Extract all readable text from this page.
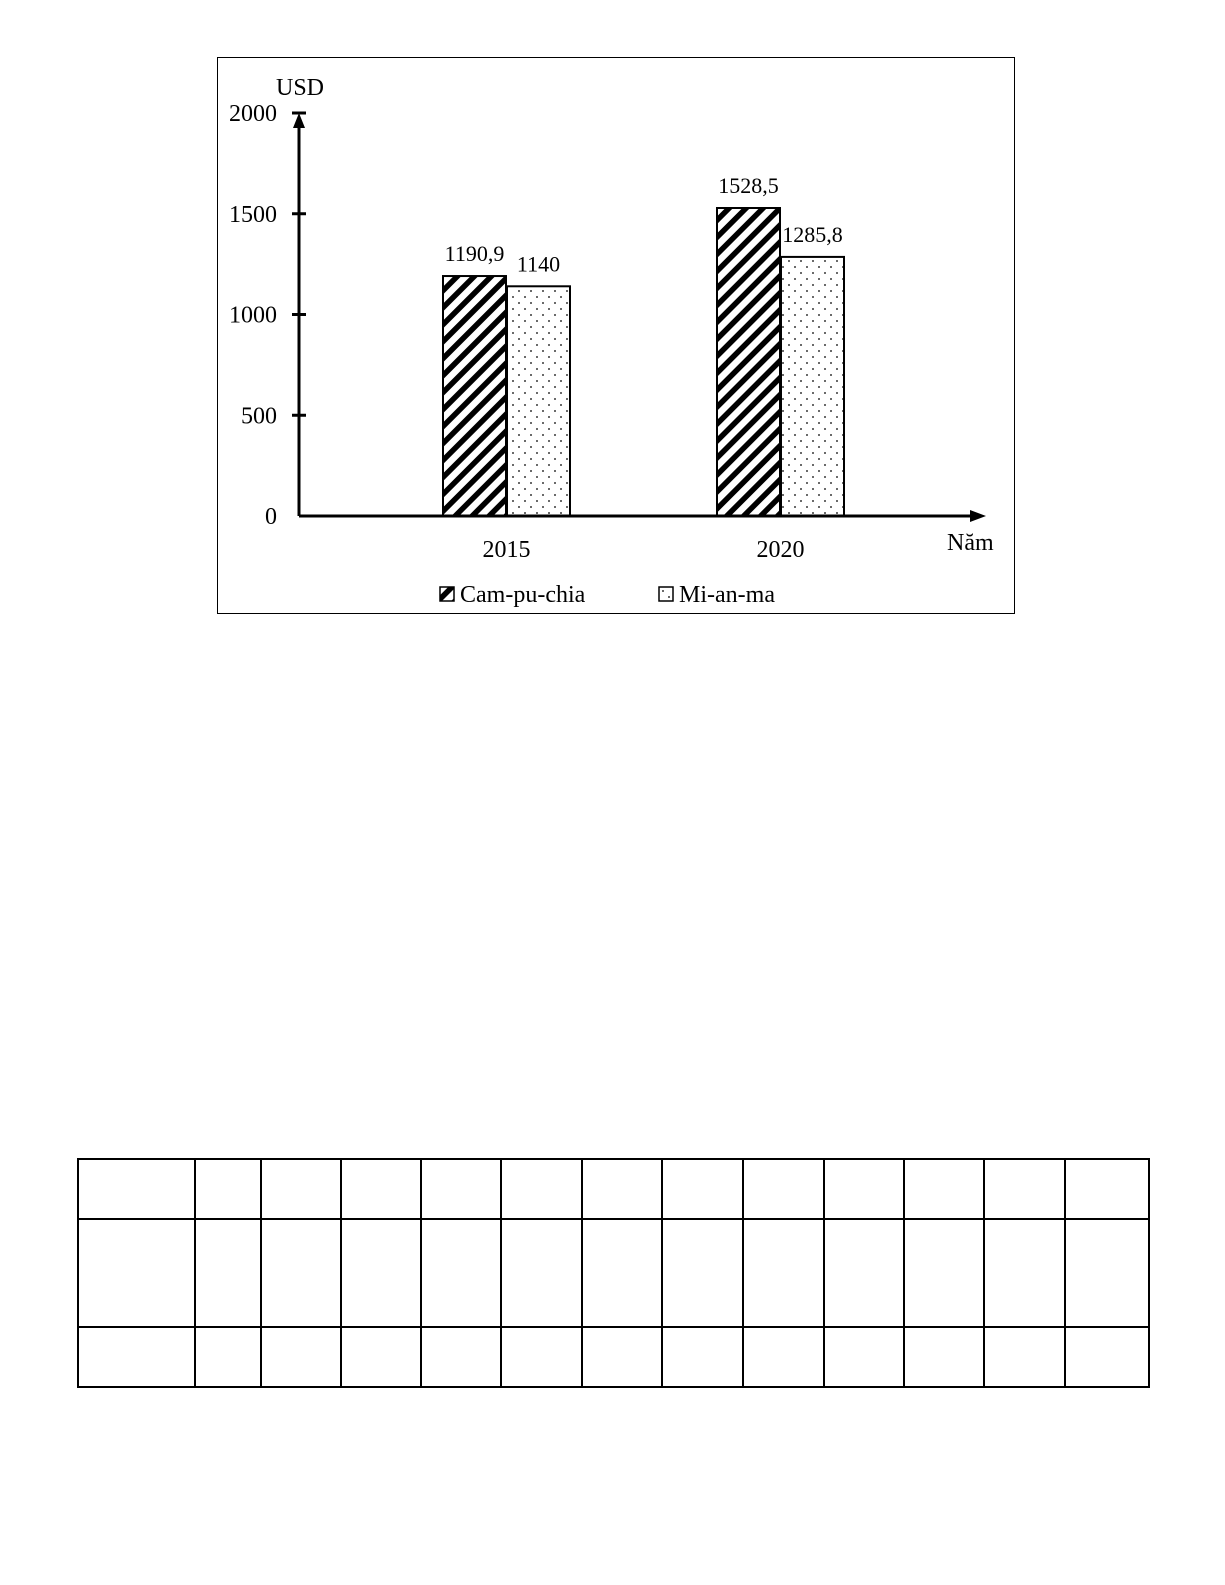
1190,9 1140
1528,5
1285,8
0
500
1000
1500
2000
2015	2020
USD
Năm
Cam-pu-chia	Mi-an-ma
